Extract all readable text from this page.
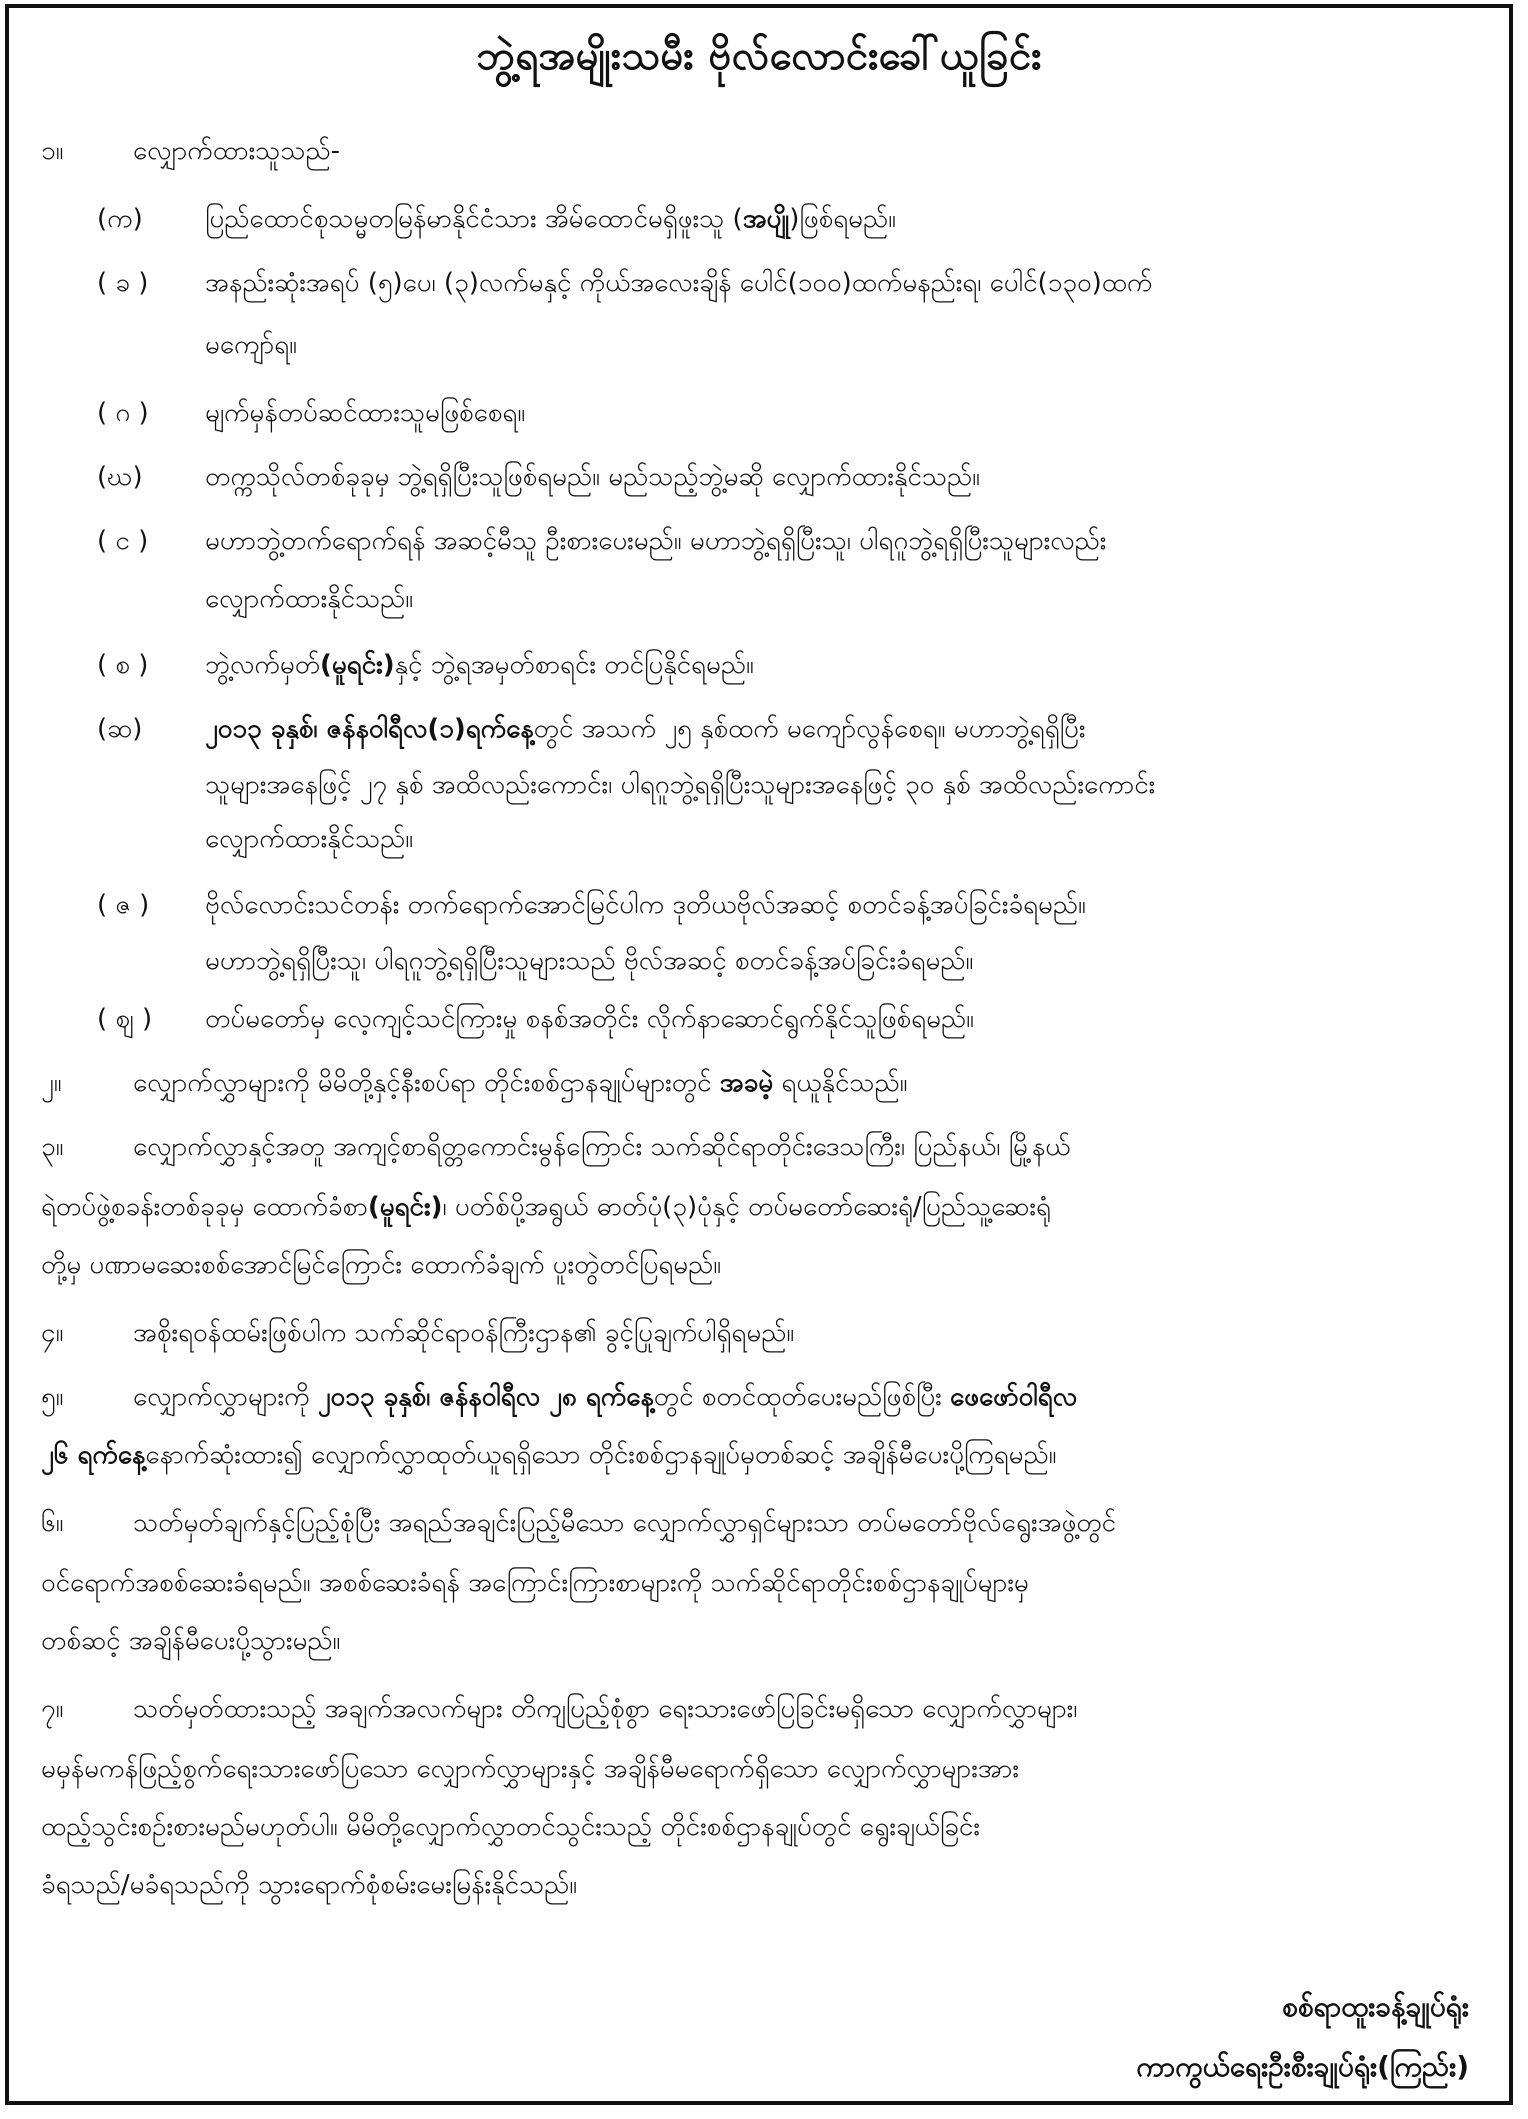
ဘွဲ့ရအမျိုးသမီး ဗိုလ်လောင်းခေါ်ယူခြင်း
၁။	လျှောက်ထားသူသည်-
(က) ပြည်ထောင်စုသမ္မတမြန်မာနိုင်ငံသား အိမ်ထောင်မရှိဖူးသူ (အပျို)ဖြစ်ရမည်။
( ခ ) အနည်းဆုံးအရပ် (၅)ပေ၊ (၃)လက်မနှင့် ကိုယ်အလေးချိန် ပေါင်(၁၀၀)ထက်မနည်းရ၊ ပေါင်(၁၃၀)ထက်
မကျော်ရ။
( ဂ ) မျက်မှန်တပ်ဆင်ထားသူမဖြစ်စေရ။
(ဃ) တက္ကသိုလ်တစ်ခုခုမှ ဘွဲ့ရရှိပြီးသူဖြစ်ရမည်။ မည်သည့်ဘွဲ့မဆို လျှောက်ထားနိုင်သည်။
( င ) မဟာဘွဲ့တက်ရောက်ရန် အဆင့်မီသူ ဦးစားပေးမည်။ မဟာဘွဲ့ရရှိပြီးသူ၊ ပါရဂူဘွဲ့ရရှိပြီးသူများလည်း
လျှောက်ထားနိုင်သည်။
( စ ) ဘွဲ့လက်မှတ်(မူရင်း)နှင့် ဘွဲ့ရအမှတ်စာရင်း တင်ပြနိုင်ရမည်။
(ဆ) ၂၀၁၃ ခုနှစ်၊ ဇန်နဝါရီလ(၁)ရက်နေ့တွင် အသက် ၂၅ နှစ်ထက် မကျော်လွန်စေရ။ မဟာဘွဲ့ရရှိပြီး
သူများအနေဖြင့် ၂၇ နှစ် အထိလည်းကောင်း၊ ပါရဂူဘွဲ့ရရှိပြီးသူများအနေဖြင့် ၃၀ နှစ် အထိလည်းကောင်း
လျှောက်ထားနိုင်သည်။
( ဇ ) ဗိုလ်လောင်းသင်တန်း တက်ရောက်အောင်မြင်ပါက ဒုတိယဗိုလ်အဆင့် စတင်ခန့်အပ်ခြင်းခံရမည်။
မဟာဘွဲ့ရရှိပြီးသူ၊ ပါရဂူဘွဲ့ရရှိပြီးသူများသည် ဗိုလ်အဆင့် စတင်ခန့်အပ်ခြင်းခံရမည်။
( ဈ ) တပ်မတော်မှ လေ့ကျင့်သင်ကြားမှု စနစ်အတိုင်း လိုက်နာဆောင်ရွက်နိုင်သူဖြစ်ရမည်။
၂။	လျှောက်လွှာများကို မိမိတို့နှင့်နီးစပ်ရာ တိုင်းစစ်ဌာနချုပ်များတွင် အခမဲ့ ရယူနိုင်သည်။
၃။	လျှောက်လွှာနှင့်အတူ အကျင့်စာရိတ္တကောင်းမွန်ကြောင်း သက်ဆိုင်ရာတိုင်းဒေသကြီး၊ ပြည်နယ်၊ မြို့နယ်
ရဲတပ်ဖွဲ့စခန်းတစ်ခုခုမှ ထောက်ခံစာ(မူရင်း)၊ ပတ်စ်ပို့အရွယ် ဓာတ်ပုံ(၃)ပုံနှင့် တပ်မတော်ဆေးရုံ/ပြည်သူ့ဆေးရုံ
တို့မှ ပဏာမဆေးစစ်အောင်မြင်ကြောင်း ထောက်ခံချက် ပူးတွဲတင်ပြရမည်။
၄။	အစိုးရဝန်ထမ်းဖြစ်ပါက သက်ဆိုင်ရာဝန်ကြီးဌာန၏ ခွင့်ပြုချက်ပါရှိရမည်။
၅။	လျှောက်လွှာများကို ၂၀၁၃ ခုနှစ်၊ ဇန်နဝါရီလ ၂၈ ရက်နေ့တွင် စတင်ထုတ်ပေးမည်ဖြစ်ပြီး ဖေဖော်ဝါရီလ
၂၆ ရက်နေ့နောက်ဆုံးထား၍ လျှောက်လွှာထုတ်ယူရရှိသော တိုင်းစစ်ဌာနချုပ်မှတစ်ဆင့် အချိန်မီပေးပို့ကြရမည်။
၆။	သတ်မှတ်ချက်နှင့်ပြည့်စုံပြီး အရည်အချင်းပြည့်မီသော လျှောက်လွှာရှင်များသာ တပ်မတော်ဗိုလ်ရွေးအဖွဲ့တွင်
ဝင်ရောက်အစစ်ဆေးခံရမည်။ အစစ်ဆေးခံရန် အကြောင်းကြားစာများကို သက်ဆိုင်ရာတိုင်းစစ်ဌာနချုပ်များမှ
တစ်ဆင့် အချိန်မီပေးပို့သွားမည်။
၇။	သတ်မှတ်ထားသည့် အချက်အလက်များ တိကျပြည့်စုံစွာ ရေးသားဖော်ပြခြင်းမရှိသော လျှောက်လွှာများ၊
မမှန်မကန်ဖြည့်စွက်ရေးသားဖော်ပြသော လျှောက်လွှာများနှင့် အချိန်မီမရောက်ရှိသော လျှောက်လွှာများအား
ထည့်သွင်းစဉ်းစားမည်မဟုတ်ပါ။ မိမိတို့လျှောက်လွှာတင်သွင်းသည့် တိုင်းစစ်ဌာနချုပ်တွင် ရွေးချယ်ခြင်း
ခံရသည်/မခံရသည်ကို သွားရောက်စုံစမ်းမေးမြန်းနိုင်သည်။
စစ်ရာထူးခန့်ချုပ်ရုံး
ကာကွယ်ရေးဦးစီးချုပ်ရုံး(ကြည်း)
